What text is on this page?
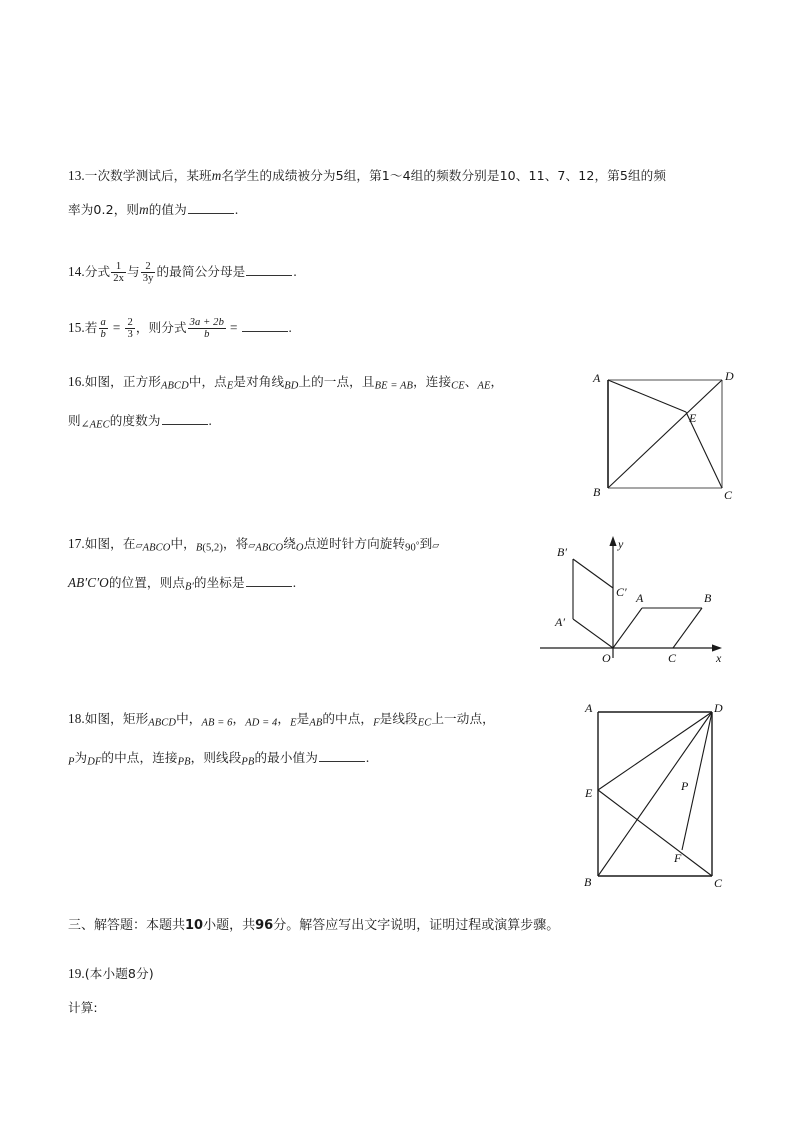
13.一次数学测试后，某班m名学生的成绩被分为5组，第1～4组的频数分别是10、11、7、12，第5组的频
率为0.2，则m的值为	.
14.分式 $\frac{1}{2x}$ 与 $\frac{2}{3y}$ 的最简公分母是	.
15.若 $\frac{a}{b} = \frac{2}{3}$ ，则分式 $\frac{3a + 2b}{b}$ =	.
16.如图，正方形$_{ABCD}$中，点$_E$是对角线$_{BD}$上的一点，且$_{BE = AB}$，连接$_{CE}$、$_{AE}$，
则$_{\angle AEC}$的度数为	.
A	D
B	C
E
17.如图，在$▱_{ABCO}$中，$_{B(5,2)}$，将$▱_{ABCO}$绕$_O$点逆时针方向旋转$_{90}$°到▱
AB′C′O的位置，则点$_{B'}$的坐标是	.
y
x
O
A	B
C
A′
B′
C′
18.如图，矩形$_{ABCD}$中，$_{AB = 6}$，$_{AD = 4}$，$_E$是$_{AB}$的中点，$_F$是线段$_{EC}$上一动点，
$_P$为$_{DF}$的中点，连接$_{PB}$，则线段$_{PB}$的最小值为	.
A	D
B	C
E
F
P
三、解答题：本题共10小题，共96分。解答应写出文字说明，证明过程或演算步骤。
19.(本小题8分)
计算:
